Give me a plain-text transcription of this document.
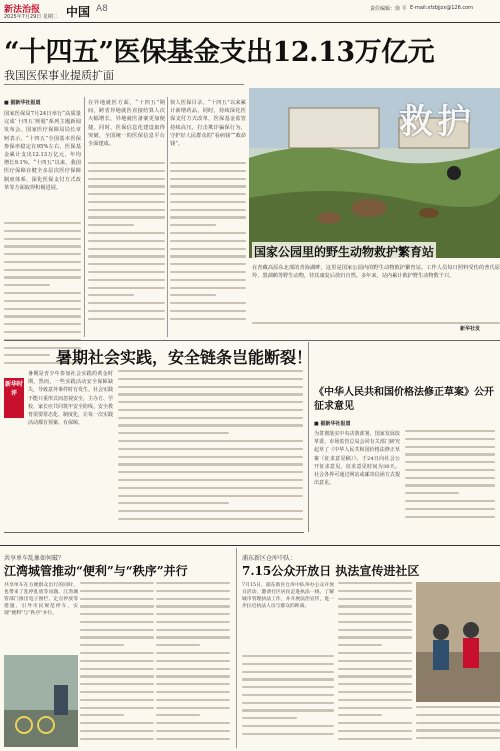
新法治报
2025年7月29日 星期二 中国 A8	责任编辑：徐 平 E-mail:xfzbjjzx@126.com
“十四五”医保基金支出12.13万亿元
我国医保事业提质扩面
■ 据新华社报道
国家医保局7月24日举行“高质量完成‘十四五’规划”系列主题新闻发布会。国家医疗保障局局长章轲表示，“十四五”全国基本医保参保率稳定在95%左右，医保基金累计支出12.13万亿元，年均增长9.1%。“十四五”以来，我国医疗保障在健全多层次医疗保障制度体系、深化医保支付方式改革等方面取得积极进展。
在异地就医方面，“十四五”期间，跨省异地就医直接结算人次大幅增长，异地就医备案更加便捷。同时，医保信息化建设取得突破，全国统一的医保信息平台全面建成。
快人医保目录，“十四五”以来累计新增药品，同时，持续深化医保支付方式改革，医保基金监管持续高压，打击欺诈骗保行为，守护好人民群众的“看病钱”“救命钱”。
救护
国家公园里的野生动物救护繁育站
在青藏高原东北部的青海湖畔，这里是国家公园内的野生动物救护繁育站。工作人员每日照料受伤的普氏原羚、黑颈鹤等野生动物，待其康复后放归自然。多年来，站内累计救护野生动物数千只。
新华社发
新华时评
暑期社会实践，安全链条岂能断裂！
暑期是青少年参加社会实践的黄金时期，然而，一些实践活动安全保障缺失，导致意外事件时有发生。社会实践不能只重形式而忽视安全，主办方、学校、家长应共同筑牢安全防线。安全教育需要常态化、制度化，让每一次实践活动都有预案、有保障。
《中华人民共和国价格法修正草案》公开征求意见
■ 据新华社报道
为贯彻落实中央决策部署，国家发展改革委、市场监管总局会同有关部门研究起草了《中华人民共和国价格法修正草案（征求意见稿）》，于24日向社会公开征求意见。征求意见时间为30天。社会各界可通过网站或邮寄信函方式提出意见。
共享单车乱象如何破？
江湾城管推动“便利”与“秩序”并行
共享单车在方便群众出行的同时，也带来了乱停乱放等问题。江湾城管部门推出电子围栏、定点停放等措施，引导市民规范停车，实现“便利”与“秩序”并行。
浦东新区仓库中队：
7.15公众开放日 执法宣传进社区
7月15日，浦东新区仓库中队举办公众开放日活动，邀请社区居民走进执法一线，了解城市管理执法工作，并开展法治宣传，进一步拉近执法人员与群众的距离。
